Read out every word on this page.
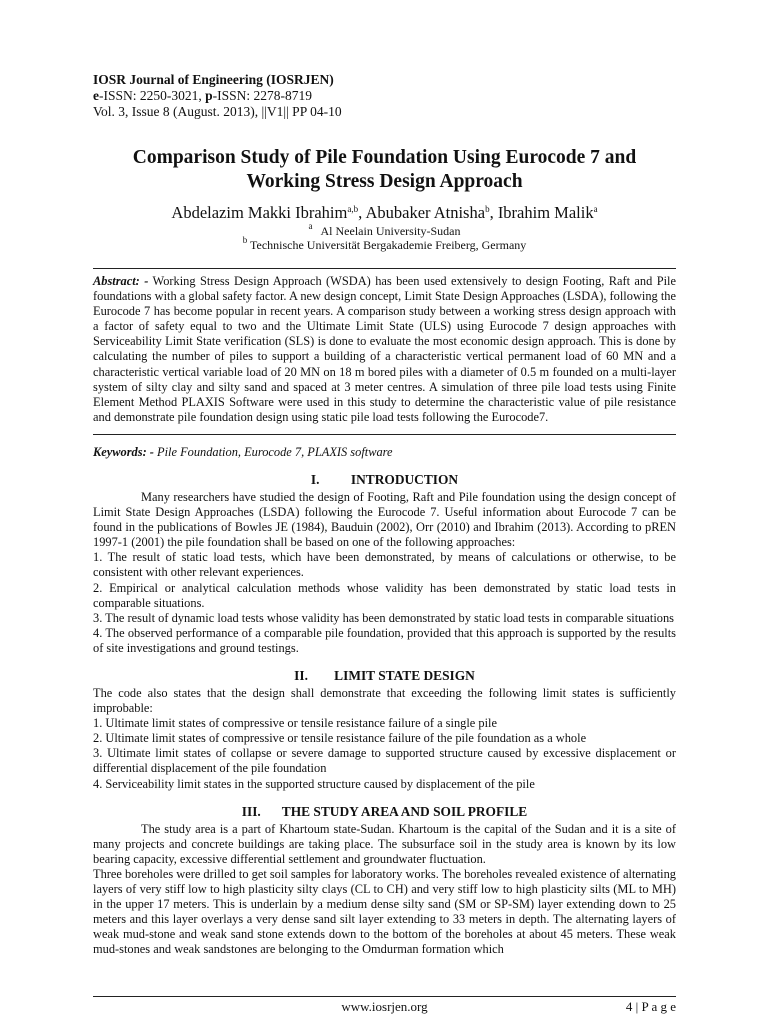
IOSR Journal of Engineering (IOSRJEN)
e-ISSN: 2250-3021, p-ISSN: 2278-8719
Vol. 3, Issue 8 (August. 2013), ||V1|| PP 04-10
Comparison Study of Pile Foundation Using Eurocode 7 and
Working Stress Design Approach
Abdelazim Makki Ibrahim$^{a,b}$, Abubaker Atnisha$^b$, Ibrahim Malik$^a$
$^a$ Al Neelain University-Sudan
$^b$ Technische Universität Bergakademie Freiberg, Germany
Abstract: - Working Stress Design Approach (WSDA) has been used extensively to design Footing, Raft and Pile foundations with a global safety factor. A new design concept, Limit State Design Approaches (LSDA), following the Eurocode 7 has become popular in recent years. A comparison study between a working stress design approach with a factor of safety equal to two and the Ultimate Limit State (ULS) using Eurocode 7 design approaches with Serviceability Limit State verification (SLS) is done to evaluate the most economic design approach. This is done by calculating the number of piles to support a building of a characteristic vertical permanent load of 60 MN and a characteristic vertical variable load of 20 MN on 18 m bored piles with a diameter of 0.5 m founded on a multi-layer system of silty clay and silty sand and spaced at 3 meter centres. A simulation of three pile load tests using Finite Element Method PLAXIS Software were used in this study to determine the characteristic value of pile resistance and demonstrate pile foundation design using static pile load tests following the Eurocode7.
Keywords: - Pile Foundation, Eurocode 7, PLAXIS software
I. INTRODUCTION

Many researchers have studied the design of Footing, Raft and Pile foundation using the design concept of Limit State Design Approaches (LSDA) following the Eurocode 7. Useful information about Eurocode 7 can be found in the publications of Bowles JE (1984), Bauduin (2002), Orr (2010) and Ibrahim (2013). According to pREN 1997-1 (2001) the pile foundation shall be based on one of the following approaches:

1. The result of static load tests, which have been demonstrated, by means of calculations or otherwise, to be consistent with other relevant experiences.

2. Empirical or analytical calculation methods whose validity has been demonstrated by static load tests in comparable situations.

3. The result of dynamic load tests whose validity has been demonstrated by static load tests in comparable situations

4. The observed performance of a comparable pile foundation, provided that this approach is supported by the results of site investigations and ground testings.

II. LIMIT STATE DESIGN

The code also states that the design shall demonstrate that exceeding the following limit states is sufficiently improbable:

1. Ultimate limit states of compressive or tensile resistance failure of a single pile

2. Ultimate limit states of compressive or tensile resistance failure of the pile foundation as a whole

3. Ultimate limit states of collapse or severe damage to supported structure caused by excessive displacement or differential displacement of the pile foundation

4. Serviceability limit states in the supported structure caused by displacement of the pile

III. THE STUDY AREA AND SOIL PROFILE

The study area is a part of Khartoum state-Sudan. Khartoum is the capital of the Sudan and it is a site of many projects and concrete buildings are taking place. The subsurface soil in the study area is known by its low bearing capacity, excessive differential settlement and groundwater fluctuation.

Three boreholes were drilled to get soil samples for laboratory works. The boreholes revealed existence of alternating layers of very stiff low to high plasticity silty clays (CL to CH) and very stiff low to high plasticity silts (ML to MH) in the upper 17 meters. This is underlain by a medium dense silty sand (SM or SP-SM) layer extending down to 25 meters and this layer overlays a very dense sand silt layer extending to 33 meters in depth. The alternating layers of weak mud-stone and weak sand stone extends down to the bottom of the boreholes at about 45 meters. These weak mud-stones and weak sandstones are belonging to the Omdurman formation which

www.iosrjen.org	4 | P a g e
